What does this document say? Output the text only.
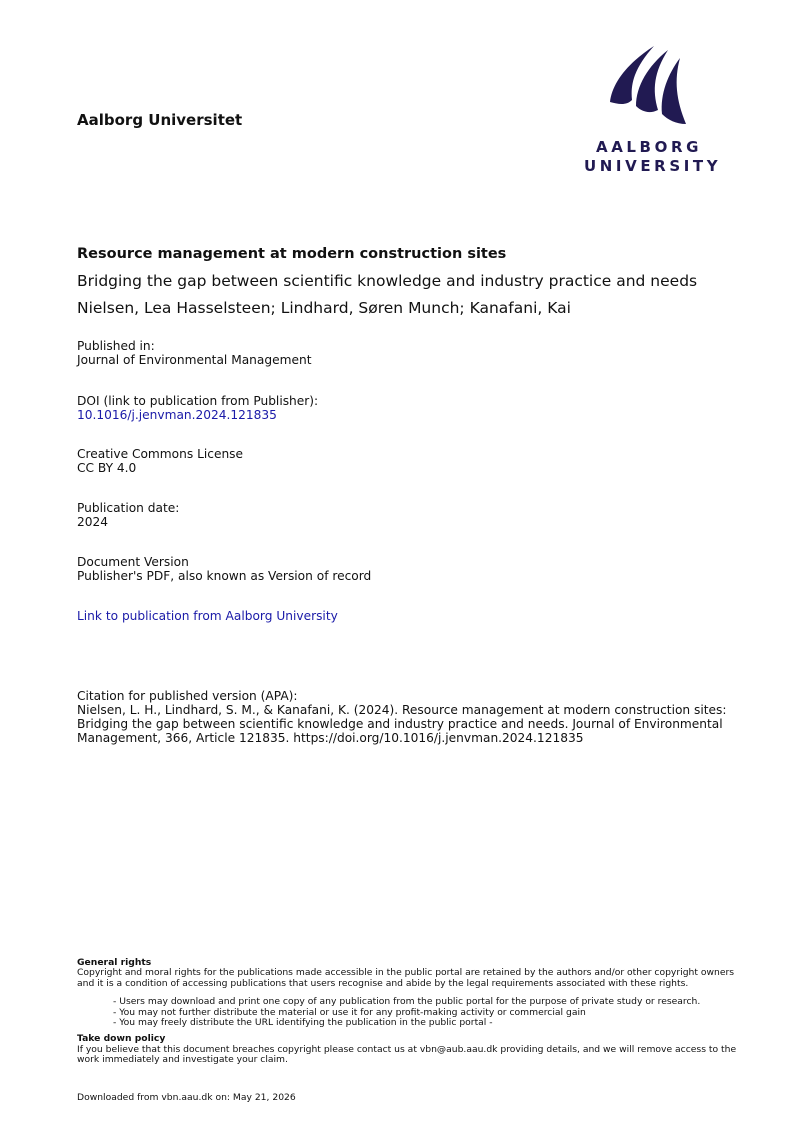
Aalborg Universitet
AALBORG
UNIVERSITY
Resource management at modern construction sites
Bridging the gap between scientific knowledge and industry practice and needs
Nielsen, Lea Hasselsteen; Lindhard, Søren Munch; Kanafani, Kai
Published in:
Journal of Environmental Management
DOI (link to publication from Publisher):
10.1016/j.jenvman.2024.121835
Creative Commons License
CC BY 4.0
Publication date:
2024
Document Version
Publisher's PDF, also known as Version of record
Link to publication from Aalborg University
Citation for published version (APA):
Nielsen, L. H., Lindhard, S. M., & Kanafani, K. (2024). Resource management at modern construction sites: Bridging the gap between scientific knowledge and industry practice and needs. Journal of Environmental Management, 366, Article 121835. https://doi.org/10.1016/j.jenvman.2024.121835
General rights
Copyright and moral rights for the publications made accessible in the public portal are retained by the authors and/or other copyright owners and it is a condition of accessing publications that users recognise and abide by the legal requirements associated with these rights.
- Users may download and print one copy of any publication from the public portal for the purpose of private study or research.
- You may not further distribute the material or use it for any profit-making activity or commercial gain
- You may freely distribute the URL identifying the publication in the public portal -
Take down policy
If you believe that this document breaches copyright please contact us at vbn@aub.aau.dk providing details, and we will remove access to the work immediately and investigate your claim.
Downloaded from vbn.aau.dk on: May 21, 2026
